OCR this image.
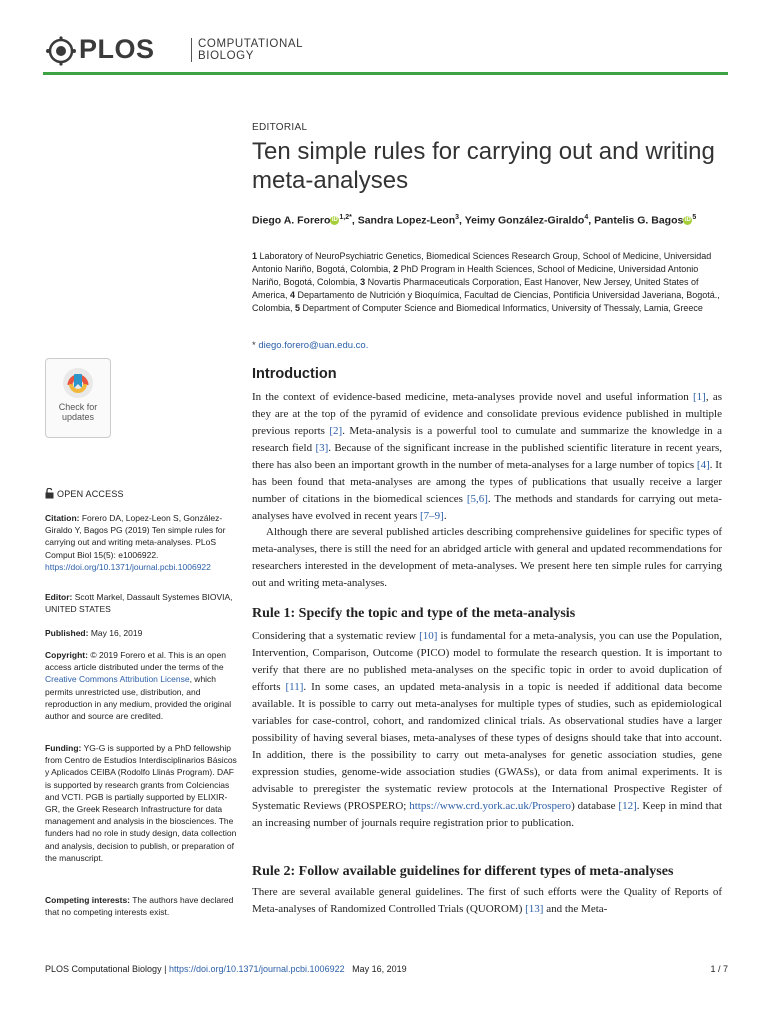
PLOS	COMPUTATIONAL
BIOLOGY
EDITORIAL
Ten simple rules for carrying out and writing meta-analyses
Diego A. Forero iD $^{1,2*}$, Sandra Lopez-Leon$^3$, Yeimy González-Giraldo$^4$, Pantelis G. Bagos iD $^5$
1 Laboratory of NeuroPsychiatric Genetics, Biomedical Sciences Research Group, School of Medicine, Universidad Antonio Nariño, Bogotá, Colombia, 2 PhD Program in Health Sciences, School of Medicine, Universidad Antonio Nariño, Bogotá, Colombia, 3 Novartis Pharmaceuticals Corporation, East Hanover, New Jersey, United States of America, 4 Departamento de Nutrición y Bioquímica, Facultad de Ciencias, Pontificia Universidad Javeriana, Bogotá., Colombia, 5 Department of Computer Science and Biomedical Informatics, University of Thessaly, Lamia, Greece
* diego.forero@uan.edu.co.
Check for updates
OPEN ACCESS
Citation: Forero DA, Lopez-Leon S, González-Giraldo Y, Bagos PG (2019) Ten simple rules for carrying out and writing meta-analyses. PLoS Comput Biol 15(5): e1006922. https://doi.org/10.1371/journal.pcbi.1006922
Editor: Scott Markel, Dassault Systemes BIOVIA, UNITED STATES
Published: May 16, 2019
Copyright: © 2019 Forero et al. This is an open access article distributed under the terms of the Creative Commons Attribution License, which permits unrestricted use, distribution, and reproduction in any medium, provided the original author and source are credited.
Funding: YG-G is supported by a PhD fellowship from Centro de Estudios Interdisciplinarios Básicos y Aplicados CEIBA (Rodolfo Llinás Program). DAF is supported by research grants from Colciencias and VCTI. PGB is partially supported by ELIXIR-GR, the Greek Research Infrastructure for data management and analysis in the biosciences. The funders had no role in study design, data collection and analysis, decision to publish, or preparation of the manuscript.
Competing interests: The authors have declared that no competing interests exist.
Introduction
In the context of evidence-based medicine, meta-analyses provide novel and useful information [1], as they are at the top of the pyramid of evidence and consolidate previous evidence published in multiple previous reports [2]. Meta-analysis is a powerful tool to cumulate and summarize the knowledge in a research field [3]. Because of the significant increase in the published scientific literature in recent years, there has also been an important growth in the number of meta-analyses for a large number of topics [4]. It has been found that meta-analyses are among the types of publications that usually receive a larger number of citations in the biomedical sciences [5,6]. The methods and standards for carrying out meta-analyses have evolved in recent years [7–9].
Although there are several published articles describing comprehensive guidelines for specific types of meta-analyses, there is still the need for an abridged article with general and updated recommendations for researchers interested in the development of meta-analyses. We present here ten simple rules for carrying out and writing meta-analyses.
Rule 1: Specify the topic and type of the meta-analysis
Considering that a systematic review [10] is fundamental for a meta-analysis, you can use the Population, Intervention, Comparison, Outcome (PICO) model to formulate the research question. It is important to verify that there are no published meta-analyses on the specific topic in order to avoid duplication of efforts [11]. In some cases, an updated meta-analysis in a topic is needed if additional data become available. It is possible to carry out meta-analyses for multiple types of studies, such as epidemiological variables for case-control, cohort, and randomized clinical trials. As observational studies have a larger possibility of having several biases, meta-analyses of these types of designs should take that into account. In addition, there is the possibility to carry out meta-analyses for genetic association studies, gene expression studies, genome-wide association studies (GWASs), or data from animal experiments. It is advisable to preregister the systematic review protocols at the International Prospective Register of Systematic Reviews (PROSPERO; https://www.crd.york.ac.uk/Prospero) database [12]. Keep in mind that an increasing number of journals require registration prior to publication.
Rule 2: Follow available guidelines for different types of meta-analyses
There are several available general guidelines. The first of such efforts were the Quality of Reports of Meta-analyses of Randomized Controlled Trials (QUOROM) [13] and the Meta-
PLOS Computational Biology | https://doi.org/10.1371/journal.pcbi.1006922 May 16, 2019	1 / 7
